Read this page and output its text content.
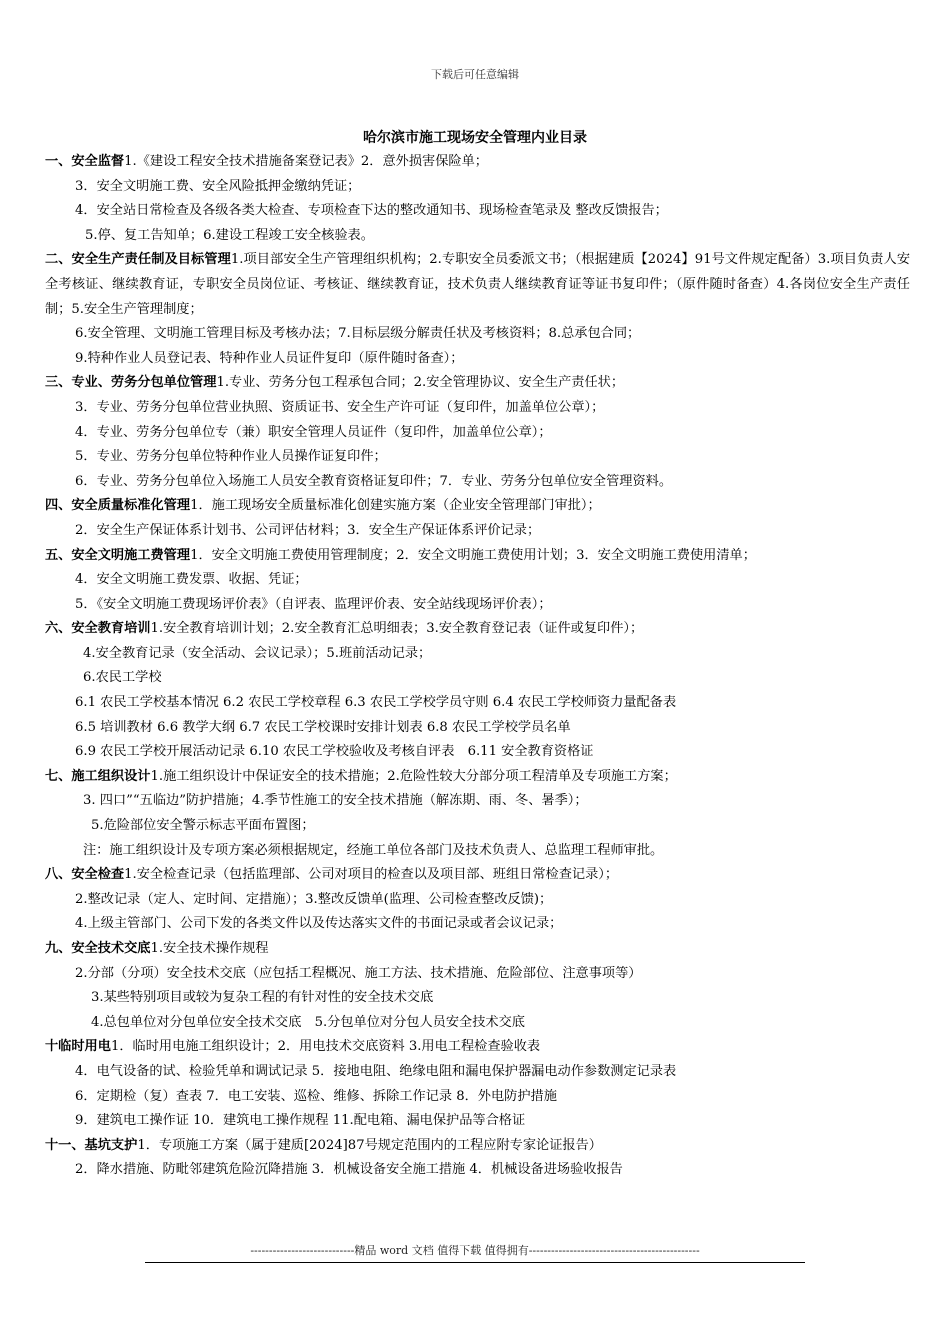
下载后可任意编辑
哈尔滨市施工现场安全管理内业目录
一、安全监督1.《建设工程安全技术措施备案登记表》2．意外损害保险单；
3．安全文明施工费、安全风险抵押金缴纳凭证；
4．安全站日常检查及各级各类大检查、专项检查下达的整改通知书、现场检查笔录及 整改反馈报告；
5.停、复工告知单；6.建设工程竣工安全核验表。
二、安全生产责任制及目标管理1.项目部安全生产管理组织机构；2.专职安全员委派文书；（根据建质【2024】91号文件规定配备）3.项目负责人安全考核证、继续教育证，专职安全员岗位证、考核证、继续教育证，技术负责人继续教育证等证书复印件；（原件随时备查）4.各岗位安全生产责任制；5.安全生产管理制度；
6.安全管理、文明施工管理目标及考核办法；7.目标层级分解责任状及考核资料；8.总承包合同；
9.特种作业人员登记表、特种作业人员证件复印（原件随时备查）；
三、专业、劳务分包单位管理1.专业、劳务分包工程承包合同；2.安全管理协议、安全生产责任状；
3．专业、劳务分包单位营业执照、资质证书、安全生产许可证（复印件，加盖单位公章）；
4．专业、劳务分包单位专（兼）职安全管理人员证件（复印件，加盖单位公章）；
5．专业、劳务分包单位特种作业人员操作证复印件；
6．专业、劳务分包单位入场施工人员安全教育资格证复印件；7．专业、劳务分包单位安全管理资料。
四、安全质量标准化管理1．施工现场安全质量标准化创建实施方案（企业安全管理部门审批）；
2．安全生产保证体系计划书、公司评估材料；3．安全生产保证体系评价记录；
五、安全文明施工费管理1．安全文明施工费使用管理制度；2．安全文明施工费使用计划；3．安全文明施工费使用清单；
4．安全文明施工费发票、收据、凭证；
5．《安全文明施工费现场评价表》（自评表、监理评价表、安全站线现场评价表）；
六、安全教育培训1.安全教育培训计划；2.安全教育汇总明细表；3.安全教育登记表（证件或复印件）；
4.安全教育记录（安全活动、会议记录）；5.班前活动记录；
6.农民工学校
6.1 农民工学校基本情况 6.2 农民工学校章程 6.3 农民工学校学员守则 6.4 农民工学校师资力量配备表
6.5 培训教材 6.6 教学大纲 6.7 农民工学校课时安排计划表 6.8 农民工学校学员名单
6.9 农民工学校开展活动记录 6.10 农民工学校验收及考核自评表　6.11 安全教育资格证
七、施工组织设计1.施工组织设计中保证安全的技术措施；2.危险性较大分部分项工程清单及专项施工方案；
3. 四口”“五临边”防护措施；4.季节性施工的安全技术措施（解冻期、雨、冬、暑季）；
5.危险部位安全警示标志平面布置图；
注：施工组织设计及专项方案必须根据规定，经施工单位各部门及技术负责人、总监理工程师审批。
八、安全检查1.安全检查记录（包括监理部、公司对项目的检查以及项目部、班组日常检查记录）；
2.整改记录（定人、定时间、定措施）；3.整改反馈单(监理、公司检查整改反馈)；
4.上级主管部门、公司下发的各类文件以及传达落实文件的书面记录或者会议记录；
九、安全技术交底1.安全技术操作规程
2.分部（分项）安全技术交底（应包括工程概况、施工方法、技术措施、危险部位、注意事项等）
3.某些特别项目或较为复杂工程的有针对性的安全技术交底
4.总包单位对分包单位安全技术交底　5.分包单位对分包人员安全技术交底
十临时用电1．临时用电施工组织设计；2．用电技术交底资料 3.用电工程检查验收表
4．电气设备的试、检验凭单和调试记录 5．接地电阻、绝缘电阻和漏电保护器漏电动作参数测定记录表
6．定期检（复）查表 7．电工安装、巡检、维修、拆除工作记录 8．外电防护措施
9．建筑电工操作证 10．建筑电工操作规程 11.配电箱、漏电保护品等合格证
十一、基坑支护1．专项施工方案（属于建质[2024]87号规定范围内的工程应附专家论证报告）
2．降水措施、防毗邻建筑危险沉降措施 3．机械设备安全施工措施 4．机械设备进场验收报告
----------------------------精品 word 文档 值得下载 值得拥有----------------------------------------------
